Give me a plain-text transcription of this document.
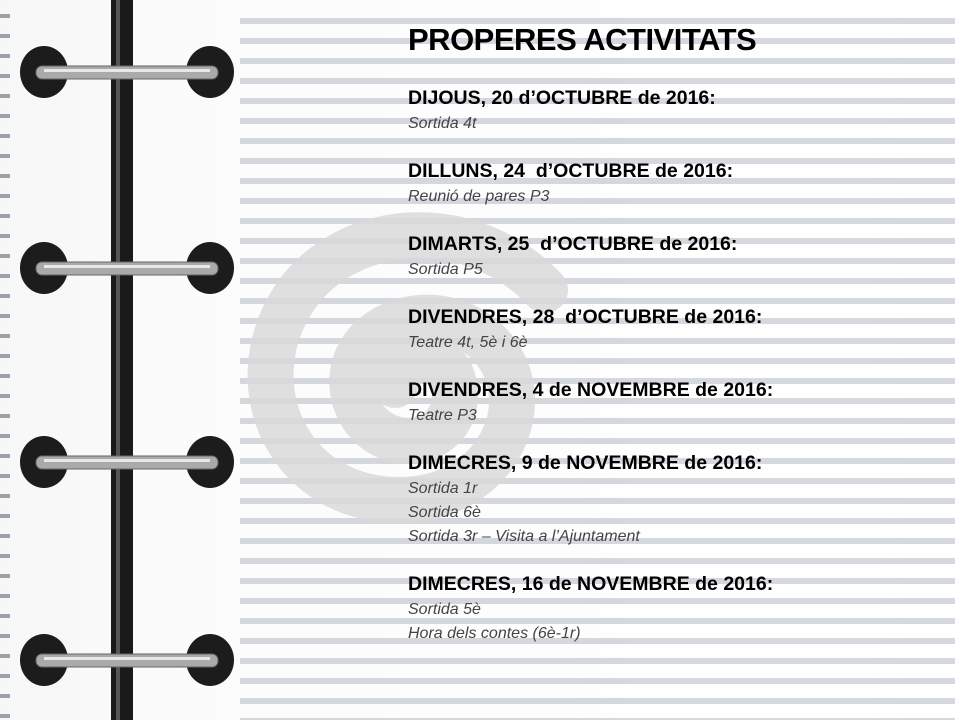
PROPERES ACTIVITATS
DIJOUS, 20 d’OCTUBRE de 2016:
Sortida 4t
DILLUNS, 24  d’OCTUBRE de 2016:
Reunió de pares P3
DIMARTS, 25  d’OCTUBRE de 2016:
Sortida P5
DIVENDRES, 28  d’OCTUBRE de 2016:
Teatre 4t, 5è i 6è
DIVENDRES, 4 de NOVEMBRE de 2016:
Teatre P3
DIMECRES, 9 de NOVEMBRE de 2016:
Sortida 1r
Sortida 6è
Sortida 3r – Visita a l’Ajuntament
DIMECRES, 16 de NOVEMBRE de 2016:
Sortida 5è
Hora dels contes (6è-1r)
